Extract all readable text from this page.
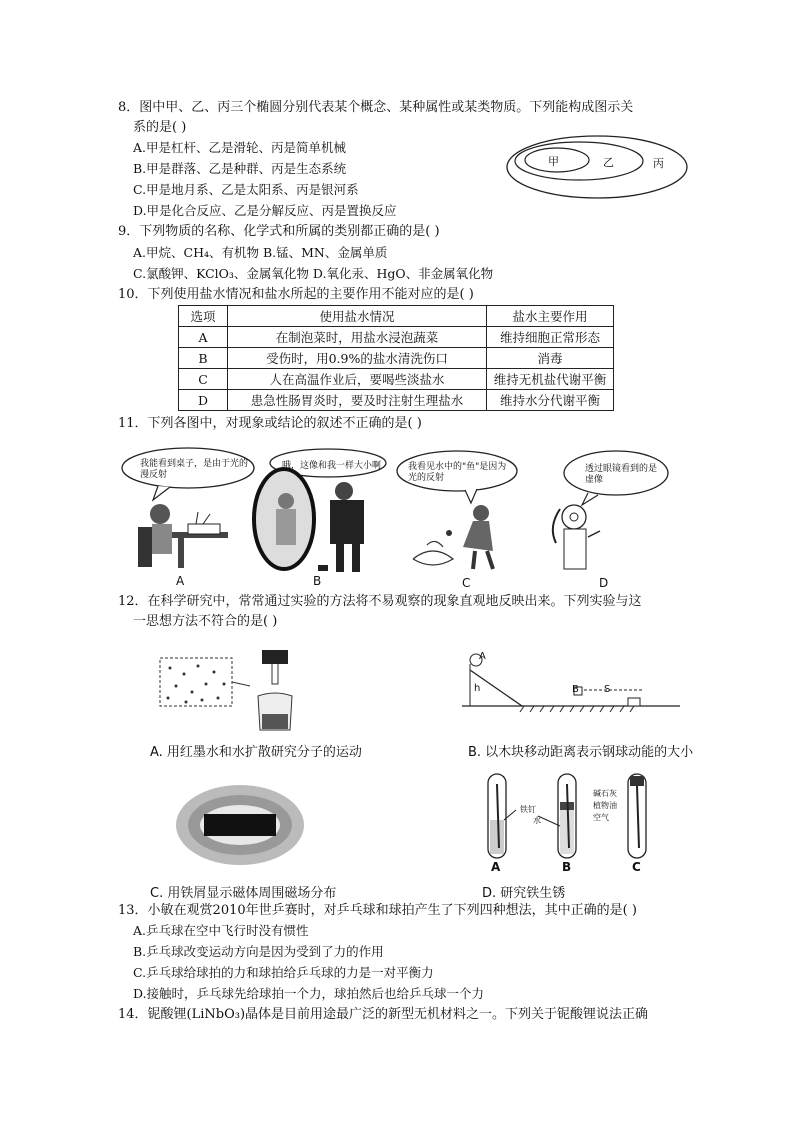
8．图中甲、乙、丙三个椭圆分别代表某个概念、某种属性或某类物质。下列能构成图示关
系的是( )
A.甲是杠杆、乙是滑轮、丙是简单机械
B.甲是群落、乙是种群、丙是生态系统
C.甲是地月系、乙是太阳系、丙是银河系
D.甲是化合反应、乙是分解反应、丙是置换反应
甲	乙	丙
9．下列物质的名称、化学式和所属的类别都正确的是( )
A.甲烷、CH₄、有机物 B.锰、MN、金属单质
C.氯酸钾、KClO₃、金属氧化物 D.氧化汞、HgO、非金属氧化物
10．下列使用盐水情况和盐水所起的主要作用不能对应的是( )
选项	使用盐水情况	盐水主要作用
A	在制泡菜时，用盐水浸泡蔬菜	维持细胞正常形态
B	受伤时，用0.9%的盐水清洗伤口	消毒
C	人在高温作业后，要喝些淡盐水	维持无机盐代谢平衡
D	患急性肠胃炎时，要及时注射生理盐水	维持水分代谢平衡
11．下列各图中，对现象或结论的叙述不正确的是( )
我能看到桌子，是由于光的漫反射
A
哦，这像和我一样大小啊
B
我看见水中的"鱼"是因为光的反射
C
透过眼镜看到的是虚像
D
12．在科学研究中，常常通过实验的方法将不易观察的现象直观地反映出来。下列实验与这
一思想方法不符合的是( )
A. 用红墨水和水扩散研究分子的运动
A
h	B	S
B. 以木块移动距离表示钢球动能的大小
C. 用铁屑显示磁体周围磁场分布
铁钉
水
碱石灰
植物油
空气
A	B	C
D. 研究铁生锈
13．小敏在观赏2010年世乒赛时，对乒乓球和球拍产生了下列四种想法，其中正确的是( )
A.乒乓球在空中飞行时没有惯性
B.乒乓球改变运动方向是因为受到了力的作用
C.乒乓球给球拍的力和球拍给乒乓球的力是一对平衡力
D.接触时，乒乓球先给球拍一个力，球拍然后也给乒乓球一个力
14．铌酸锂(LiNbO₃)晶体是目前用途最广泛的新型无机材料之一。下列关于铌酸锂说法正确
